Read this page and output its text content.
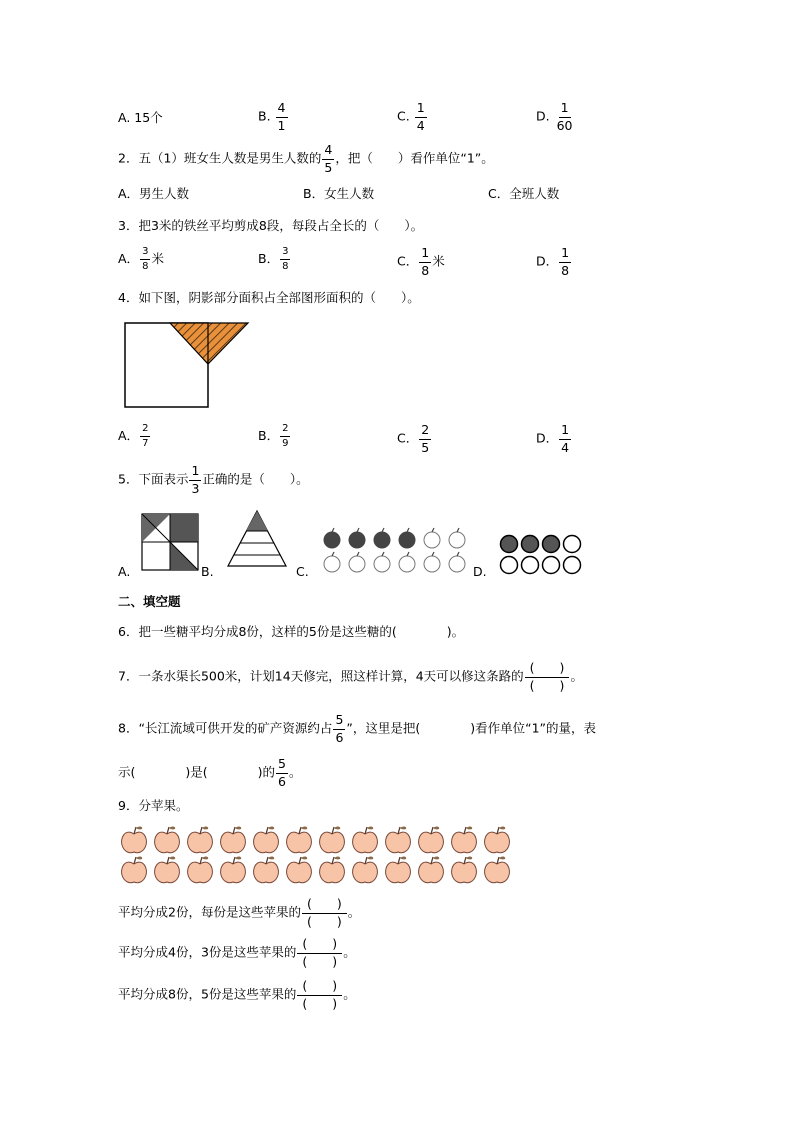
A. 15个	B. $\frac{4}{1}$	C. $\frac{1}{4}$	D. $\frac{1}{60}$
2．五（1）班女生人数是男生人数的 $\frac{4}{5}$ ，把（　　）看作单位“1”。
A．男生人数	B．女生人数	C．全班人数
3．把3米的铁丝平均剪成8段，每段占全长的（　　）。
A． $\frac{3}{8}$ 米	B． $\frac{3}{8}$	C． $\frac{1}{8}$ 米	D． $\frac{1}{8}$
4．如下图，阴影部分面积占全部图形面积的（　　）。
A． $\frac{2}{7}$	B． $\frac{2}{9}$	C． $\frac{2}{5}$	D． $\frac{1}{4}$
5．下面表示 $\frac{1}{3}$ 正确的是（　　）。
A.	B.	C.	D.
二、填空题
6．把一些糖平均分成8份，这样的5份是这些糖的(　　　　)。
7．一条水渠长500米，计划14天修完，照这样计算，4天可以修这条路的 $\frac{( )}{( )}$ 。
8．“长江流域可供开发的矿产资源约占 $\frac{5}{6}$ ”，这里是把(　　　　)看作单位“1”的量，表
示(　　　　)是(　　　　)的 $\frac{5}{6}$ 。
9．分苹果。
平均分成2份，每份是这些苹果的 $\frac{( )}{( )}$ 。
平均分成4份，3份是这些苹果的 $\frac{( )}{( )}$ 。
平均分成8份，5份是这些苹果的 $\frac{( )}{( )}$ 。
